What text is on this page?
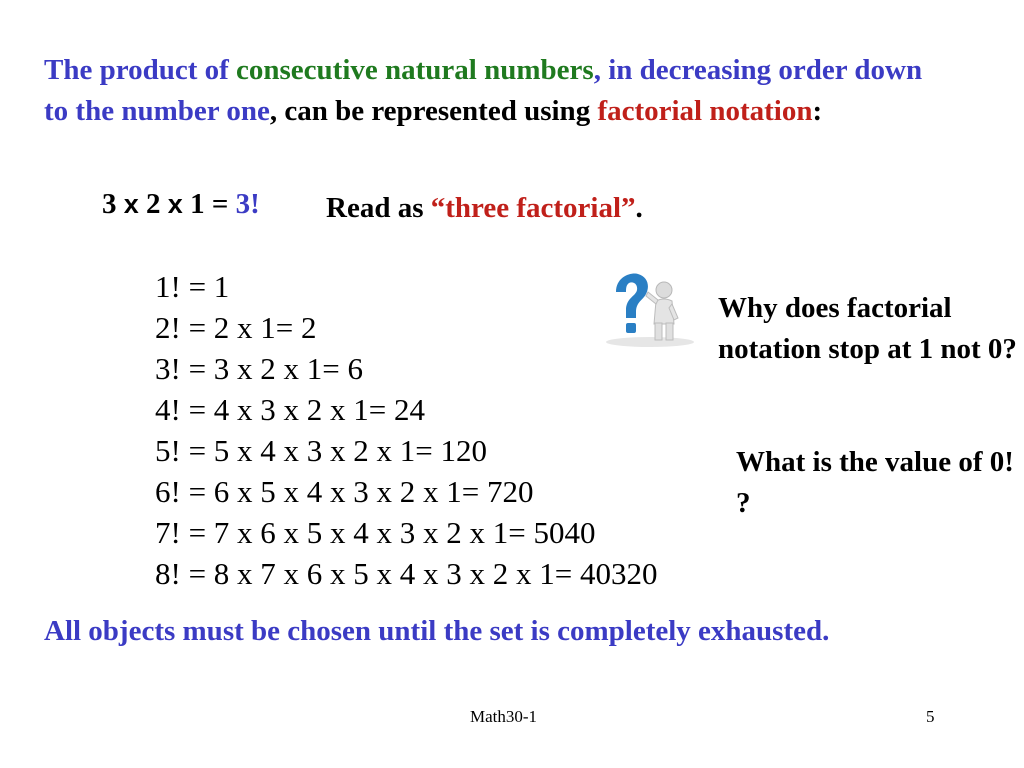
The product of consecutive natural numbers, in decreasing order down to the number one, can be represented using factorial notation:
3 x 2 x 1 = 3! Read as “three factorial”.
1! = 1
2! = 2 x 1= 2
3! = 3 x 2 x 1= 6
4! = 4 x 3 x 2 x 1= 24
5! = 5 x 4 x 3 x 2 x 1= 120
6! = 6 x 5 x 4 x 3 x 2 x 1= 720
7! = 7 x 6 x 5 x 4 x 3 x 2 x 1= 5040
8! = 8 x 7 x 6 x 5 x 4 x 3 x 2 x 1= 40320
Why does factorial notation stop at 1 not 0?
What is the value of 0! ?
All objects must be chosen until the set is completely exhausted.
Math30-1	5
